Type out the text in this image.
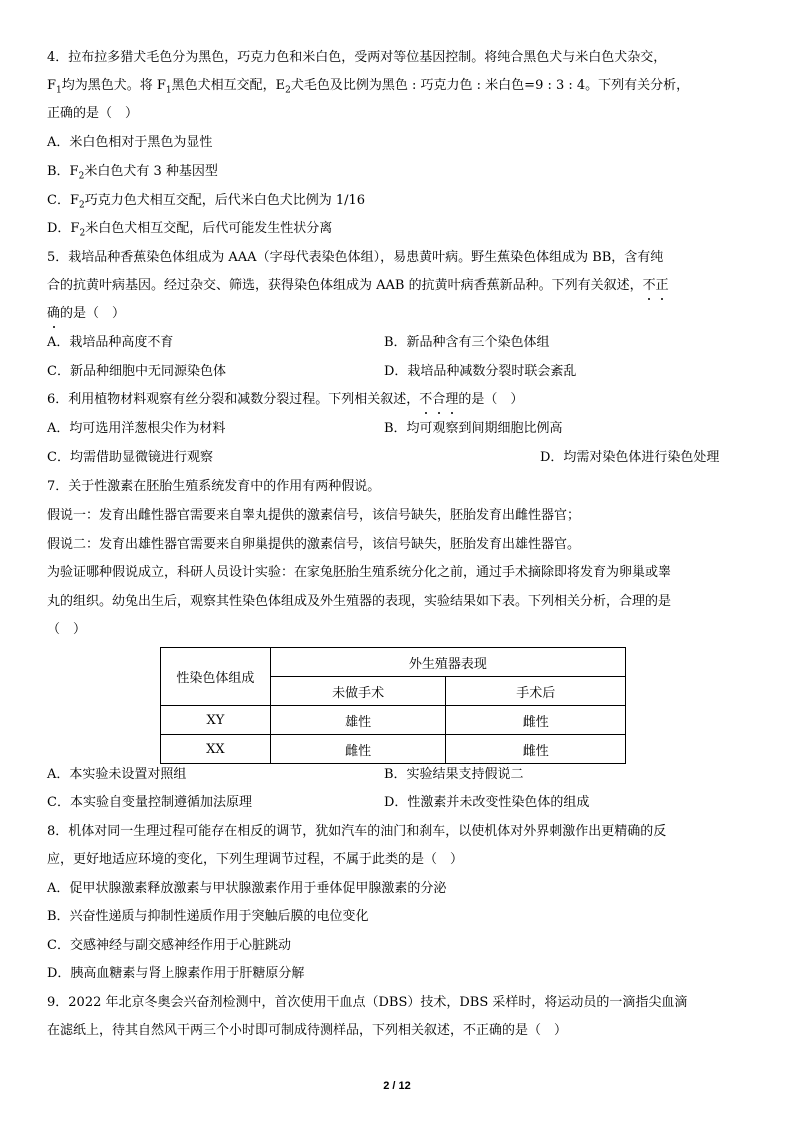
4．拉布拉多猎犬毛色分为黑色，巧克力色和米白色，受两对等位基因控制。将纯合黑色犬与米白色犬杂交，
$F_1$均为黑色犬。将 $F_1$黑色犬相互交配，$E_2$犬毛色及比例为黑色 : 巧克力色 : 米白色=9 : 3 : 4。下列有关分析，
正确的是（　）
A．米白色相对于黑色为显性
B．$F_2$米白色犬有 3 种基因型
C．$F_2$巧克力色犬相互交配，后代米白色犬比例为 1/16
D．$F_2$米白色犬相互交配，后代可能发生性状分离
5．栽培品种香蕉染色体组成为 AAA（字母代表染色体组），易患黄叶病。野生蕉染色体组成为 BB，含有纯
合的抗黄叶病基因。经过杂交、筛选，获得染色体组成为 AAB 的抗黄叶病香蕉新品种。下列有关叙述，不正
确的是（　）
A．栽培品种高度不育	B．新品种含有三个染色体组
C．新品种细胞中无同源染色体	D．栽培品种减数分裂时联会紊乱
6．利用植物材料观察有丝分裂和减数分裂过程。下列相关叙述，不合理的是（　）
A．均可选用洋葱根尖作为材料	B．均可观察到间期细胞比例高
C．均需借助显微镜进行观察	D．均需对染色体进行染色处理
7．关于性激素在胚胎生殖系统发育中的作用有两种假说。
假说一：发育出雌性器官需要来自睾丸提供的激素信号，该信号缺失，胚胎发育出雌性器官；
假说二：发育出雄性器官需要来自卵巢提供的激素信号，该信号缺失，胚胎发育出雄性器官。
为验证哪种假说成立，科研人员设计实验：在家兔胚胎生殖系统分化之前，通过手术摘除即将发育为卵巢或睾
丸的组织。幼兔出生后，观察其性染色体组成及外生殖器的表现，实验结果如下表。下列相关分析，合理的是
（　）
性染色体组成	外生殖器表现	
	未做手术	手术后
XY	雄性	雌性
XX	雌性	雌性
A．本实验未设置对照组	B．实验结果支持假说二
C．本实验自变量控制遵循加法原理	D．性激素并未改变性染色体的组成
8．机体对同一生理过程可能存在相反的调节，犹如汽车的油门和刹车，以使机体对外界刺激作出更精确的反
应，更好地适应环境的变化，下列生理调节过程，不属于此类的是（　）
A．促甲状腺激素释放激素与甲状腺激素作用于垂体促甲腺激素的分泌
B．兴奋性递质与抑制性递质作用于突触后膜的电位变化
C．交感神经与副交感神经作用于心脏跳动
D．胰高血糖素与肾上腺素作用于肝糖原分解
9．2022 年北京冬奥会兴奋剂检测中，首次使用干血点（DBS）技术，DBS 采样时，将运动员的一滴指尖血滴
在滤纸上，待其自然风干两三个小时即可制成待测样品，下列相关叙述，不正确的是（　）
2 / 12
